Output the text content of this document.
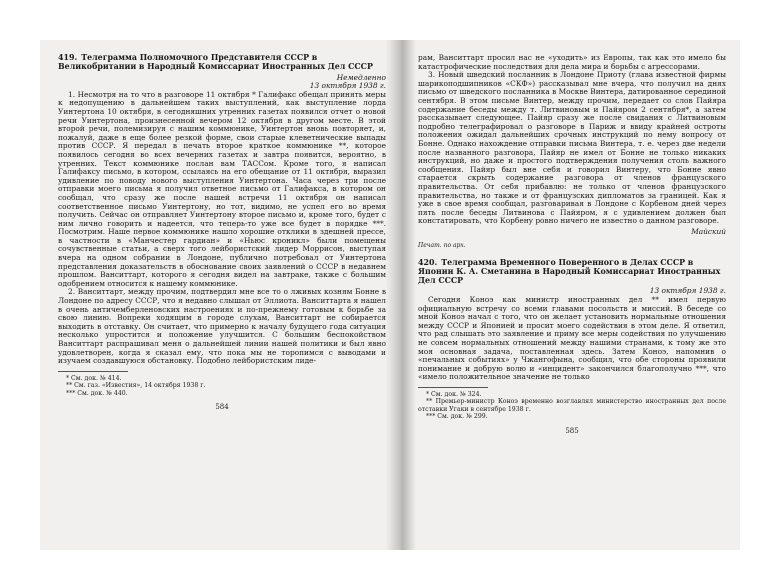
419. Телеграмма Полномочного Представителя СССР в Великобритании в Народный Комиссариат Иностранных Дел СССР

Немедленно

13 октября 1938 г.

1. Несмотря на то что в разговоре 11 октября * Галифакс обещал принять меры к недопущению в дальнейшем таких выступлений, как выступление лорда Уинтертона 10 октября, в сегодняшних утренних газетах появился отчет о новой речи Уинтертона, произнесенной вечером 12 октября в другом месте. В этой второй речи, полемизируя с нашим коммюнике, Уинтертон вновь повторяет, и, пожалуй, даже в еще более резкой форме, свои старые клеветнические выпады против СССР. Я передал в печать второе краткое коммюнике **, которое появилось сегодня во всех вечерних газетах и завтра появится, вероятно, в утренних. Текст коммюнике послан вам ТАССом. Кроме того, я написал Галифаксу письмо, в котором, ссылаясь на его обещание от 11 октября, выразил удивление по поводу нового выступления Уинтертона. Часа через три после отправки моего письма я получил ответное письмо от Галифакса, в котором он сообщал, что сразу же после нашей встречи 11 октября он написал соответственное письмо Уинтертону, но тот, видимо, не успел его во время получить. Сейчас он отправляет Уинтертону второе письмо и, кроме того, будет с ним лично говорить и надеется, что теперь-то уже все будет в порядке ***. Посмотрим. Наше первое коммюнике нашло хорошие отклики в здешней прессе, в частности в «Манчестер гардиан» и «Ньюс кроникл» были помещены сочувственные статьи, а сверх того лейбористский лидер Моррисон, выступая вчера на одном собрании в Лондоне, публично потребовал от Уинтертона представления доказательств в обоснование своих заявлений о СССР в недавнем прошлом. Ванситтарт, которого я сегодня видел на завтраке, также с большим одобрением относится к нашему коммюнике.

2. Ванситтарт, между прочим, подтвердил мне все то о лживых козням Бонне в Лондоне по адресу СССР, что я недавно слышал от Эллиота. Ванситтарта я нашел в очень античемберленовских настроениях и по-прежнему готовым к борьбе за свою линию. Вопреки ходящим в городе слухам, Ванситтарт не собирается выходить в отставку. Он считает, что примерно к началу будущего года ситуация несколько упростится и положение улучшится. С большим беспокойством Ванситтарт распрашивал меня о дальнейшей линии нашей политики и был явно удовлетворен, когда я сказал ему, что пока мы не торопимся с выводами и изучаем создавшуюся обстановку. Подобно лейбористским лиде-

* См. док. № 414.
** См. газ. «Известия», 14 октября 1938 г.
*** См. док. № 440.
584

рам, Ванситтарт просил нас не «уходить» из Европы, так как это имело бы катастрофические последствия для дела мира и борьбы с агрессорами.

3. Новый шведский посланник в Лондоне Приоту (глава известной фирмы шарикоподшипников «СКФ») рассказывал мне вчера, что получил на днях письмо от шведского посланника в Москве Винтера, датированное серединой сентября. В этом письме Винтер, между прочим, передает со слов Пайяра содержание беседы между т. Литвиновым и Пайяром 2 сентября*, а затем рассказывает следующее. Пайяр сразу же после свидания с Литвиновым подробно телеграфировал о разговоре в Париж и ввиду крайней остроты положения ожидал дальнейших срочных инструкций по нему вопросу от Бонне. Однако нахождение отправки письма Винтера, т. е. через две недели после названного разговора, Пайяр не имел от Бонне не только никаких инструкций, но даже и простого подтверждения получения столь важного сообщения. Пайяр был вне себя и говорил Винтеру, что Бонне явно старается скрыть содержание разговора от членов французского правительства. От себя прибавлю: не только от членов французского правительства, но также и от французских дипломатов за границей. Как я уже в свое время сообщал, разговаривая в Лондоне с Корбеном дней через пять после беседы Литвинова с Пайяром, я с удивлением должен был констатировать, что Корбену ровно ничего не известно о данном разговоре.

Майский
Печат. по арх.
420. Телеграмма Временного Поверенного в Делах СССР в Японии К. А. Сметанина в Народный Комиссариат Иностранных Дел СССР

13 октября 1938 г.

Сегодня Коноэ как министр иностранных дел ** имел первую официальную встречу со всеми главами посольств и миссий. В беседе со мной Коноэ начал с того, что он желает установить нормальные отношения между СССР и Японией и просит моего содействия в этом деле. Я ответил, что рад слышать это заявление и приму все меры содействия по улучшению не совсем нормальных отношений между нашими странами, к тому же это моя основная задача, поставленная здесь. Затем Коноэ, напомнив о «печальных событиях» у Чжангофына, сообщил, что обе стороны проявили понимание и добрую волю и «инцидент» закончился благополучно ***, что «имело положительное значение не только

* См. док. № 324.
** Премьер-министр Коноэ временно возглавлял министерство иностранных дел после отставки Угаки в сентябре 1938 г.
*** См. док. № 299.
585
